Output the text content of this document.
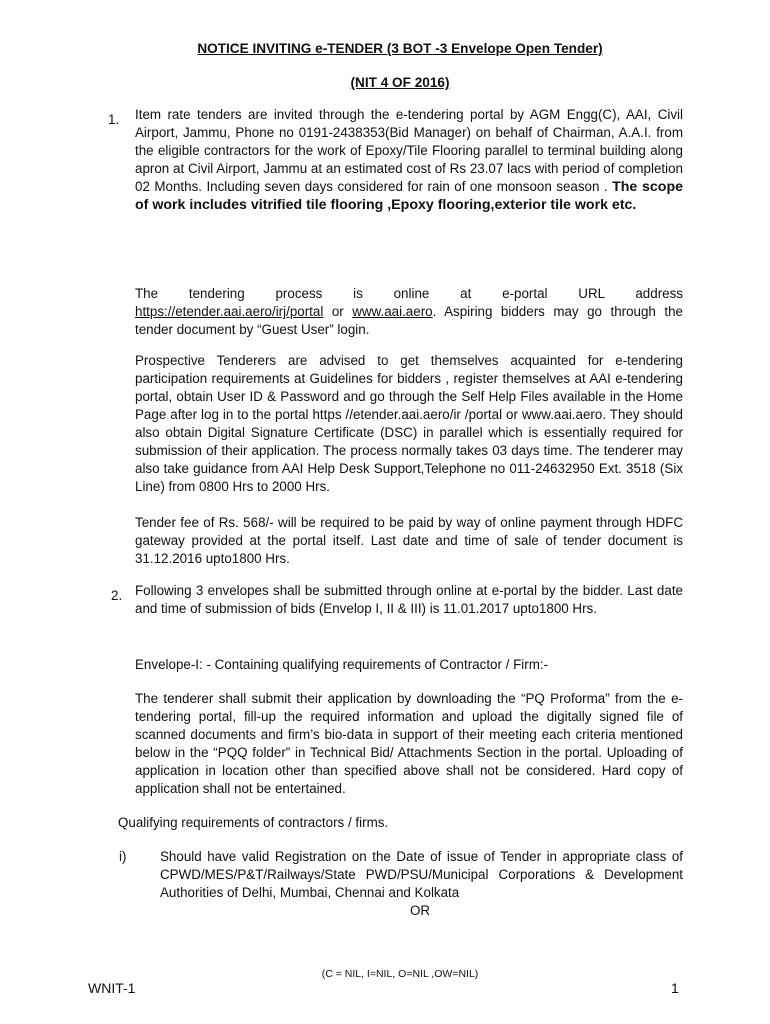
NOTICE INVITING e-TENDER (3 BOT -3 Envelope Open Tender)
(NIT 4 OF 2016)
1. Item rate tenders are invited through the e-tendering portal by AGM Engg(C), AAI, Civil Airport, Jammu, Phone no 0191-2438353(Bid Manager) on behalf of Chairman, A.A.I. from the eligible contractors for the work of Epoxy/Tile Flooring parallel to terminal building along apron at Civil Airport, Jammu at an estimated cost of Rs 23.07 lacs with period of completion 02 Months. Including seven days considered for rain of one monsoon season . The scope of work includes vitrified tile flooring ,Epoxy flooring,exterior tile work etc.
The tendering process is online at e-portal URL address
https://etender.aai.aero/irj/portal or www.aai.aero. Aspiring bidders may go through the tender document by “Guest User” login.
Prospective Tenderers are advised to get themselves acquainted for e-tendering participation requirements at Guidelines for bidders , register themselves at AAI e-tendering portal, obtain User ID & Password and go through the Self Help Files available in the Home Page after log in to the portal https //etender.aai.aero/ir /portal or www.aai.aero. They should also obtain Digital Signature Certificate (DSC) in parallel which is essentially required for submission of their application. The process normally takes 03 days time. The tenderer may also take guidance from AAI Help Desk Support,Telephone no 011-24632950 Ext. 3518 (Six Line) from 0800 Hrs to 2000 Hrs.
Tender fee of Rs. 568/- will be required to be paid by way of online payment through HDFC gateway provided at the portal itself. Last date and time of sale of tender document is 31.12.2016 upto1800 Hrs.
2. Following 3 envelopes shall be submitted through online at e-portal by the bidder. Last date and time of submission of bids (Envelop I, II & III) is 11.01.2017 upto1800 Hrs.
Envelope-I: - Containing qualifying requirements of Contractor / Firm:-
The tenderer shall submit their application by downloading the “PQ Proforma” from the e-tendering portal, fill-up the required information and upload the digitally signed file of scanned documents and firm’s bio-data in support of their meeting each criteria mentioned below in the “PQQ folder” in Technical Bid/ Attachments Section in the portal. Uploading of application in location other than specified above shall not be considered. Hard copy of application shall not be entertained.
Qualifying requirements of contractors / firms.
i)	Should have valid Registration on the Date of issue of Tender in appropriate class of CPWD/MES/P&T/Railways/State PWD/PSU/Municipal Corporations & Development Authorities of Delhi, Mumbai, Chennai and Kolkata
OR
(C = NIL, I=NIL, O=NIL ,OW=NIL)
WNIT-1	1
